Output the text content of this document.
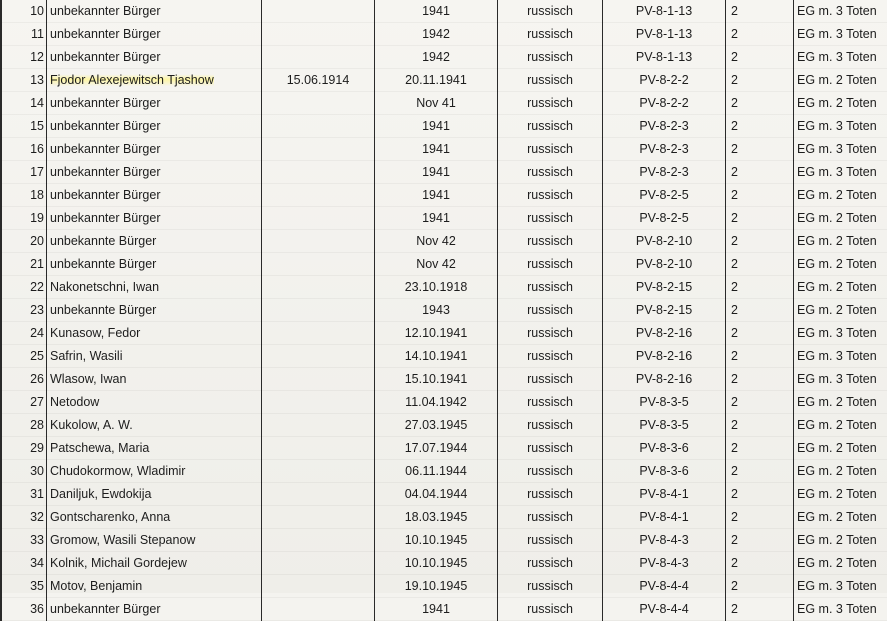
10	unbekannter Bürger		1941	russisch	PV-8-1-13	2	EG m. 3 Toten
11	unbekannter Bürger		1942	russisch	PV-8-1-13	2	EG m. 3 Toten
12	unbekannter Bürger		1942	russisch	PV-8-1-13	2	EG m. 3 Toten
13	Fjodor Alexejewitsch Tjashow	15.06.1914	20.11.1941	russisch	PV-8-2-2	2	EG m. 2 Toten
14	unbekannter Bürger		Nov 41	russisch	PV-8-2-2	2	EG m. 2 Toten
15	unbekannter Bürger		1941	russisch	PV-8-2-3	2	EG m. 3 Toten
16	unbekannter Bürger		1941	russisch	PV-8-2-3	2	EG m. 3 Toten
17	unbekannter Bürger		1941	russisch	PV-8-2-3	2	EG m. 3 Toten
18	unbekannter Bürger		1941	russisch	PV-8-2-5	2	EG m. 2 Toten
19	unbekannter Bürger		1941	russisch	PV-8-2-5	2	EG m. 2 Toten
20	unbekannte Bürger		Nov 42	russisch	PV-8-2-10	2	EG m. 2 Toten
21	unbekannte Bürger		Nov 42	russisch	PV-8-2-10	2	EG m. 2 Toten
22	Nakonetschni, Iwan		23.10.1918	russisch	PV-8-2-15	2	EG m. 2 Toten
23	unbekannte Bürger		1943	russisch	PV-8-2-15	2	EG m. 2 Toten
24	Kunasow, Fedor		12.10.1941	russisch	PV-8-2-16	2	EG m. 3 Toten
25	Safrin, Wasili		14.10.1941	russisch	PV-8-2-16	2	EG m. 3 Toten
26	Wlasow, Iwan		15.10.1941	russisch	PV-8-2-16	2	EG m. 3 Toten
27	Netodow		11.04.1942	russisch	PV-8-3-5	2	EG m. 2 Toten
28	Kukolow, A. W.		27.03.1945	russisch	PV-8-3-5	2	EG m. 2 Toten
29	Patschewa, Maria		17.07.1944	russisch	PV-8-3-6	2	EG m. 2 Toten
30	Chudokormow, Wladimir		06.11.1944	russisch	PV-8-3-6	2	EG m. 2 Toten
31	Daniljuk, Ewdokija		04.04.1944	russisch	PV-8-4-1	2	EG m. 2 Toten
32	Gontscharenko, Anna		18.03.1945	russisch	PV-8-4-1	2	EG m. 2 Toten
33	Gromow, Wasili Stepanow		10.10.1945	russisch	PV-8-4-3	2	EG m. 2 Toten
34	Kolnik, Michail Gordejew		10.10.1945	russisch	PV-8-4-3	2	EG m. 2 Toten
35	Motov, Benjamin		19.10.1945	russisch	PV-8-4-4	2	EG m. 3 Toten
36	unbekannter Bürger		1941	russisch	PV-8-4-4	2	EG m. 3 Toten
